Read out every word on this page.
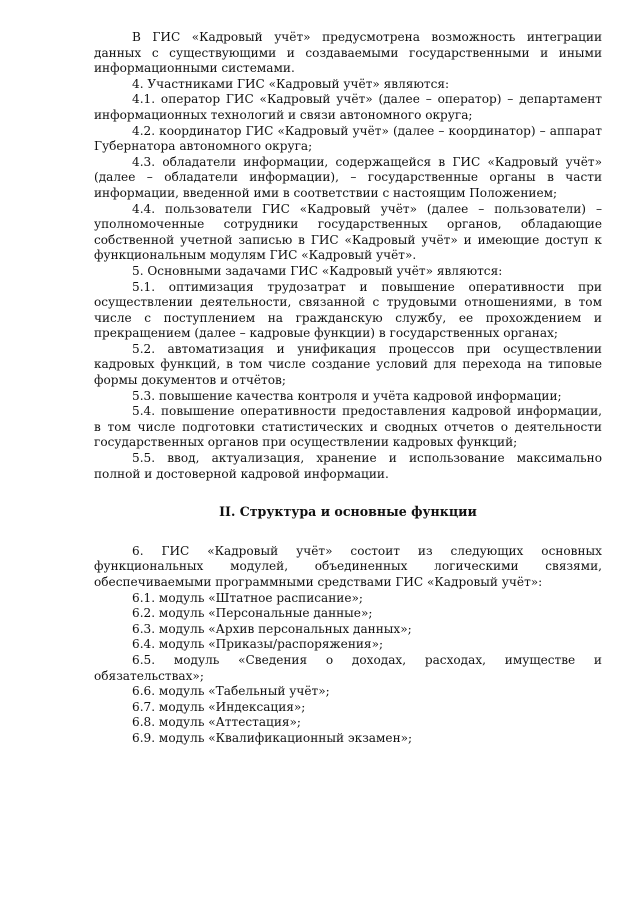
В ГИС «Кадровый учёт» предусмотрена возможность интеграции данных с существующими и создаваемыми государственными и иными информационными системами.

4. Участниками ГИС «Кадровый учёт» являются:

4.1. оператор ГИС «Кадровый учёт» (далее – оператор) – департамент информационных технологий и связи автономного округа;

4.2. координатор ГИС «Кадровый учёт» (далее – координатор) – аппарат Губернатора автономного округа;

4.3. обладатели информации, содержащейся в ГИС «Кадровый учёт» (далее – обладатели информации), – государственные органы в части информации, введенной ими в соответствии с настоящим Положением;

4.4. пользователи ГИС «Кадровый учёт» (далее – пользователи) – уполномоченные сотрудники государственных органов, обладающие собственной учетной записью в ГИС «Кадровый учёт» и имеющие доступ к функциональным модулям ГИС «Кадровый учёт».

5. Основными задачами ГИС «Кадровый учёт» являются:

5.1. оптимизация трудозатрат и повышение оперативности при осуществлении деятельности, связанной с трудовыми отношениями, в том числе с поступлением на гражданскую службу, ее прохождением и прекращением (далее – кадровые функции) в государственных органах;

5.2. автоматизация и унификация процессов при осуществлении кадровых функций, в том числе создание условий для перехода на типовые формы документов и отчётов;

5.3. повышение качества контроля и учёта кадровой информации;

5.4. повышение оперативности предоставления кадровой информации, в том числе подготовки статистических и сводных отчетов о деятельности государственных органов при осуществлении кадровых функций;

5.5. ввод, актуализация, хранение и использование максимально полной и достоверной кадровой информации.

II. Структура и основные функции

6. ГИС «Кадровый учёт» состоит из следующих основных функциональных модулей, объединенных логическими связями, обеспечиваемыми программными средствами ГИС «Кадровый учёт»:

6.1. модуль «Штатное расписание»;

6.2. модуль «Персональные данные»;

6.3. модуль «Архив персональных данных»;

6.4. модуль «Приказы/распоряжения»;

6.5. модуль «Сведения о доходах, расходах, имуществе и обязательствах»;

6.6. модуль «Табельный учёт»;

6.7. модуль «Индексация»;

6.8. модуль «Аттестация»;

6.9. модуль «Квалификационный экзамен»;
